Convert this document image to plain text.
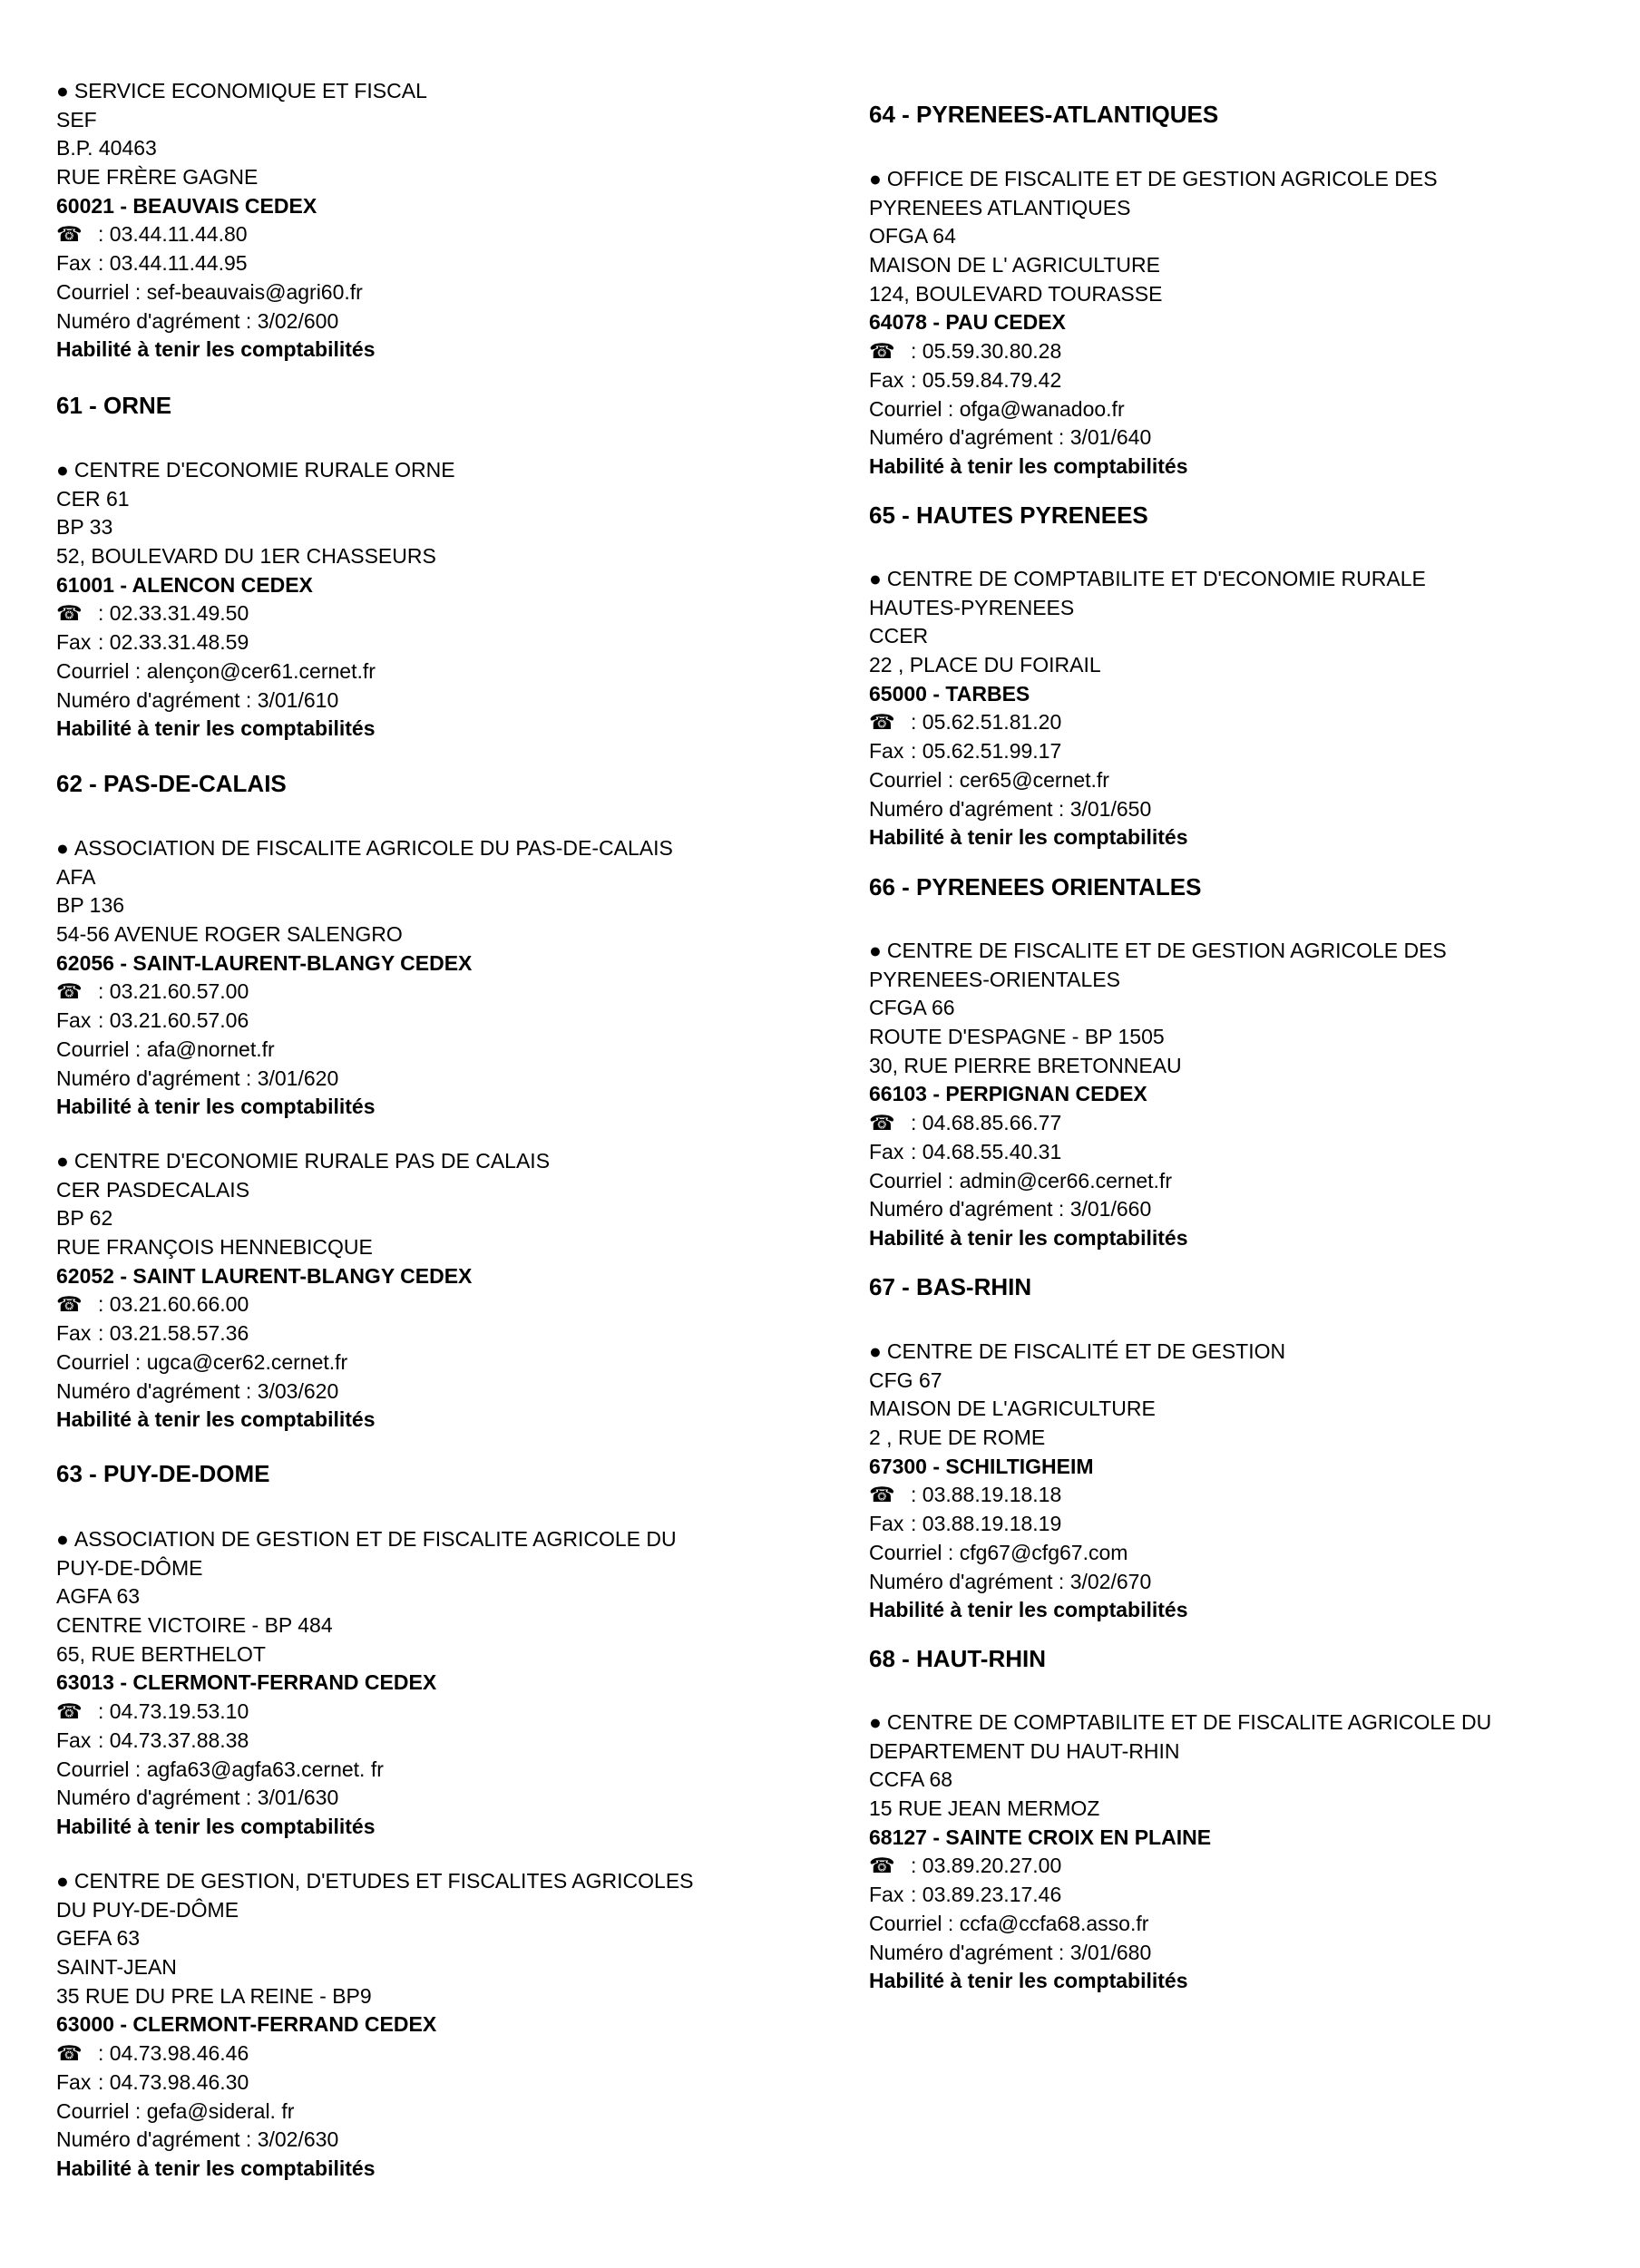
61 - ORNE
62 - PAS-DE-CALAIS
63 - PUY-DE-DOME
● SERVICE ECONOMIQUE ET FISCAL
SEF
B.P. 40463
RUE FRÈRE GAGNE
60021 - BEAUVAIS CEDEX
☎ : 03.44.11.44.80
Fax : 03.44.11.44.95
Courriel : sef-beauvais@agri60.fr
Numéro d'agrément : 3/02/600
Habilité à tenir les comptabilités
● CENTRE D'ECONOMIE RURALE ORNE
CER 61
BP 33
52, BOULEVARD DU 1ER CHASSEURS
61001 - ALENCON CEDEX
☎ : 02.33.31.49.50
Fax : 02.33.31.48.59
Courriel : alençon@cer61.cernet.fr
Numéro d'agrément : 3/01/610
Habilité à tenir les comptabilités
● ASSOCIATION DE FISCALITE AGRICOLE DU PAS-DE-CALAIS
AFA
BP 136
54-56 AVENUE ROGER SALENGRO
62056 - SAINT-LAURENT-BLANGY CEDEX
☎ : 03.21.60.57.00
Fax : 03.21.60.57.06
Courriel : afa@nornet.fr
Numéro d'agrément : 3/01/620
Habilité à tenir les comptabilités
● CENTRE D'ECONOMIE RURALE PAS DE CALAIS
CER PASDECALAIS
BP 62
RUE FRANÇOIS HENNEBICQUE
62052 - SAINT LAURENT-BLANGY CEDEX
☎ : 03.21.60.66.00
Fax : 03.21.58.57.36
Courriel : ugca@cer62.cernet.fr
Numéro d'agrément : 3/03/620
Habilité à tenir les comptabilités
● ASSOCIATION DE GESTION ET DE FISCALITE AGRICOLE DU
PUY-DE-DÔME
AGFA 63
CENTRE VICTOIRE - BP 484
65, RUE BERTHELOT
63013 - CLERMONT-FERRAND CEDEX
☎ : 04.73.19.53.10
Fax : 04.73.37.88.38
Courriel : agfa63@agfa63.cernet. fr
Numéro d'agrément : 3/01/630
Habilité à tenir les comptabilités
● CENTRE DE GESTION, D'ETUDES ET FISCALITES AGRICOLES
DU PUY-DE-DÔME
GEFA 63
SAINT-JEAN
35 RUE DU PRE LA REINE - BP9
63000 - CLERMONT-FERRAND CEDEX
☎ : 04.73.98.46.46
Fax : 04.73.98.46.30
Courriel : gefa@sideral. fr
Numéro d'agrément : 3/02/630
Habilité à tenir les comptabilités
64 - PYRENEES-ATLANTIQUES
65 - HAUTES PYRENEES
66 - PYRENEES ORIENTALES
67 - BAS-RHIN
68 - HAUT-RHIN
● OFFICE DE FISCALITE ET DE GESTION AGRICOLE DES
PYRENEES ATLANTIQUES
OFGA 64
MAISON DE L' AGRICULTURE
124, BOULEVARD TOURASSE
64078 - PAU CEDEX
☎ : 05.59.30.80.28
Fax : 05.59.84.79.42
Courriel : ofga@wanadoo.fr
Numéro d'agrément : 3/01/640
Habilité à tenir les comptabilités
● CENTRE DE COMPTABILITE ET D'ECONOMIE RURALE
HAUTES-PYRENEES
CCER
22 , PLACE DU FOIRAIL
65000 - TARBES
☎ : 05.62.51.81.20
Fax : 05.62.51.99.17
Courriel : cer65@cernet.fr
Numéro d'agrément : 3/01/650
Habilité à tenir les comptabilités
● CENTRE DE FISCALITE ET DE GESTION AGRICOLE DES
PYRENEES-ORIENTALES
CFGA 66
ROUTE D'ESPAGNE - BP 1505
30, RUE PIERRE BRETONNEAU
66103 - PERPIGNAN CEDEX
☎ : 04.68.85.66.77
Fax : 04.68.55.40.31
Courriel : admin@cer66.cernet.fr
Numéro d'agrément : 3/01/660
Habilité à tenir les comptabilités
● CENTRE DE FISCALITÉ ET DE GESTION
CFG 67
MAISON DE L'AGRICULTURE
2 , RUE DE ROME
67300 - SCHILTIGHEIM
☎ : 03.88.19.18.18
Fax : 03.88.19.18.19
Courriel : cfg67@cfg67.com
Numéro d'agrément : 3/02/670
Habilité à tenir les comptabilités
● CENTRE DE COMPTABILITE ET DE FISCALITE AGRICOLE DU
DEPARTEMENT DU HAUT-RHIN
CCFA 68
15 RUE JEAN MERMOZ
68127 - SAINTE CROIX EN PLAINE
☎ : 03.89.20.27.00
Fax : 03.89.23.17.46
Courriel : ccfa@ccfa68.asso.fr
Numéro d'agrément : 3/01/680
Habilité à tenir les comptabilités
